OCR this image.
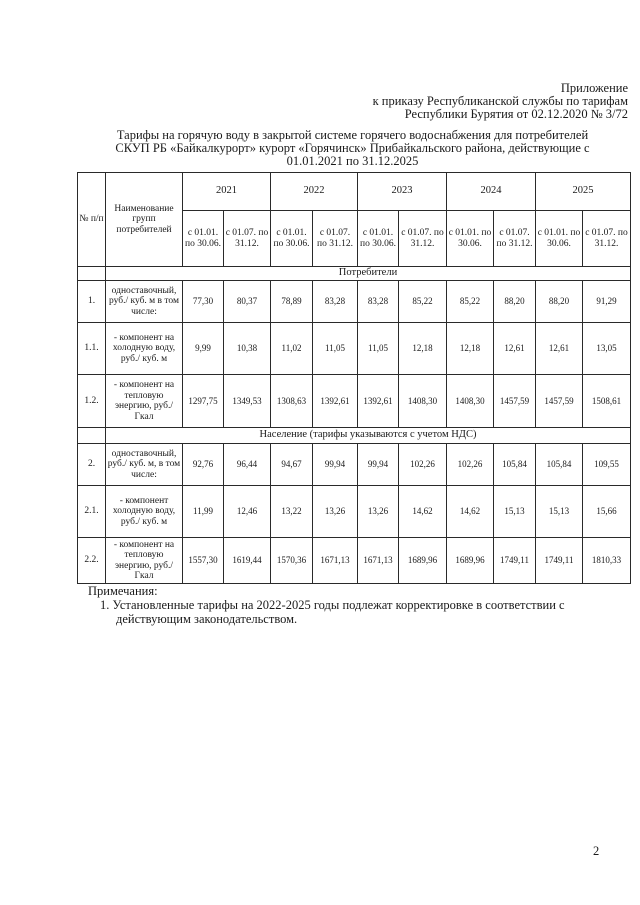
Приложение
к приказу Республиканской службы по тарифам
Республики Бурятия от 02.12.2020 № 3/72
Тарифы на горячую воду в закрытой системе горячего водоснабжения для потребителей
СКУП РБ «Байкалкурорт» курорт «Горячинск» Прибайкальского района, действующие с
01.01.2021 по 31.12.2025
№ п/п	Наименование групп потребителей	2021		2022		2023		2024		2025	
		с 01.01. по 30.06.	с 01.07. по 31.12.	с 01.01. по 30.06.	с 01.07. по 31.12.	с 01.01. по 30.06.	с 01.07. по 31.12.	с 01.01. по 30.06.	с 01.07. по 31.12.	с 01.01. по 30.06.	с 01.07. по 31.12.
	Потребители										
1.	одноставочный, руб./ куб. м в том числе:	77,30	80,37	78,89	83,28	83,28	85,22	85,22	88,20	88,20	91,29
1.1.	- компонент на холодную воду, руб./ куб. м	9,99	10,38	11,02	11,05	11,05	12,18	12,18	12,61	12,61	13,05
1.2.	- компонент на тепловую энергию, руб./Гкал	1297,75	1349,53	1308,63	1392,61	1392,61	1408,30	1408,30	1457,59	1457,59	1508,61
	Население (тарифы указываются с учетом НДС)										
2.	одноставочный, руб./ куб. м, в том числе:	92,76	96,44	94,67	99,94	99,94	102,26	102,26	105,84	105,84	109,55
2.1.	- компонент холодную воду, руб./ куб. м	11,99	12,46	13,22	13,26	13,26	14,62	14,62	15,13	15,13	15,66
2.2.	- компонент на тепловую энергию, руб./Гкал	1557,30	1619,44	1570,36	1671,13	1671,13	1689,96	1689,96	1749,11	1749,11	1810,33
Примечания:
1. Установленные тарифы на 2022-2025 годы подлежат корректировке в соответствии с действующим законодательством.
2
